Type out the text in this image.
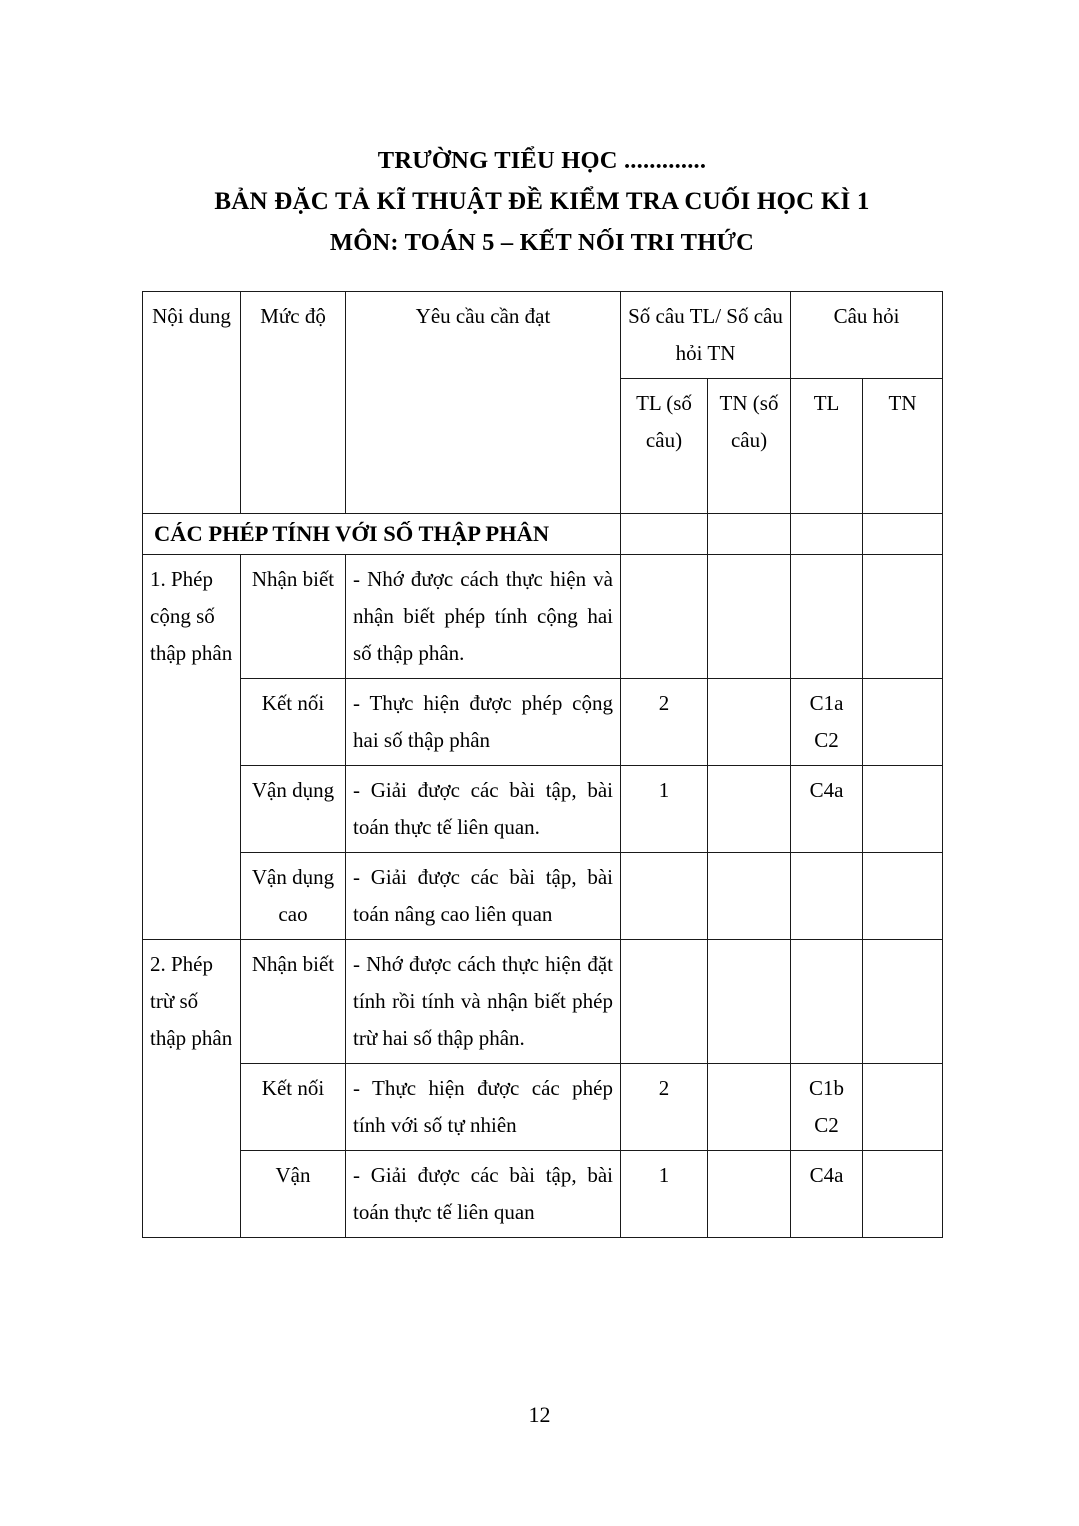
TRƯỜNG TIỂU HỌC .............
BẢN ĐẶC TẢ KĨ THUẬT ĐỀ KIỂM TRA CUỐI HỌC KÌ 1
MÔN: TOÁN 5 – KẾT NỐI TRI THỨC
Nội dung	Mức độ	Yêu cầu cần đạt	Số câu TL/ Số câu hỏi TN		Câu hỏi	
			TL (số câu)	TN (số câu)	TL	TN
CÁC PHÉP TÍNH VỚI SỐ THẬP PHÂN						
1. Phép cộng số thập phân	Nhận biết	- Nhớ được cách thực hiện và nhận biết phép tính cộng hai số thập phân.				
	Kết nối	- Thực hiện được phép cộng hai số thập phân	2		C1a C2	
	Vận dụng	- Giải được các bài tập, bài toán thực tế liên quan.	1		C4a	
	Vận dụng cao	- Giải được các bài tập, bài toán nâng cao liên quan				
2. Phép trừ số thập phân	Nhận biết	- Nhớ được cách thực hiện đặt tính rồi tính và nhận biết phép trừ hai số thập phân.				
	Kết nối	- Thực hiện được các phép tính với số tự nhiên	2		C1b C2	
	Vận	- Giải được các bài tập, bài toán thực tế liên quan	1		C4a	
12
